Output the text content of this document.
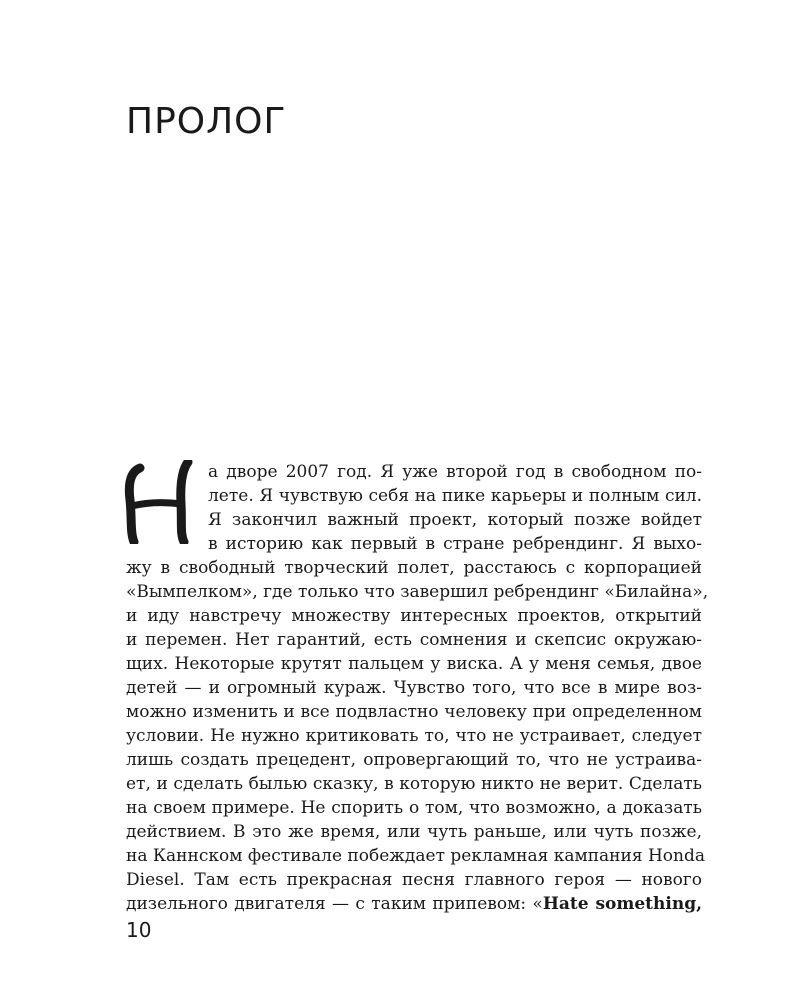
ПРОЛОГ
а дворе 2007 год. Я уже второй год в свободном по-
лете. Я чувствую себя на пике карьеры и полным сил.
Я закончил важный проект, который позже войдет
в историю как первый в стране ребрендинг. Я выхо-
жу в свободный творческий полет, расстаюсь с корпорацией
«Вымпелком», где только что завершил ребрендинг «Билайна»,
и иду навстречу множеству интересных проектов, открытий
и перемен. Нет гарантий, есть сомнения и скепсис окружаю-
щих. Некоторые крутят пальцем у виска. А у меня семья, двое
детей — и огромный кураж. Чувство того, что все в мире воз-
можно изменить и все подвластно человеку при определенном
условии. Не нужно критиковать то, что не устраивает, следует
лишь создать прецедент, опровергающий то, что не устраива-
ет, и сделать былью сказку, в которую никто не верит. Сделать
на своем примере. Не спорить о том, что возможно, а доказать
действием. В это же время, или чуть раньше, или чуть позже,
на Каннском фестивале побеждает рекламная кампания Honda
Diesel. Там есть прекрасная песня главного героя — нового
дизельного двигателя — с таким припевом: «Hate something,

10
